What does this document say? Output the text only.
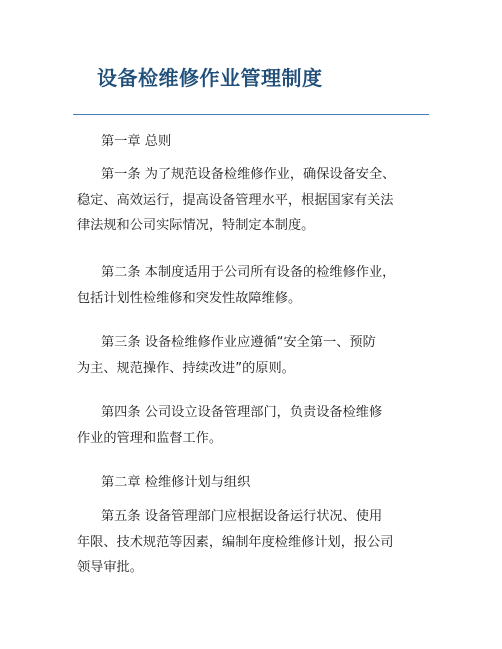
设备检维修作业管理制度

第一章 总则

第一条 为了规范设备检维修作业，确保设备安全、
稳定、高效运行，提高设备管理水平，根据国家有关法
律法规和公司实际情况，特制定本制度。

第二条 本制度适用于公司所有设备的检维修作业，
包括计划性检维修和突发性故障维修。

第三条 设备检维修作业应遵循“安全第一、预防
为主、规范操作、持续改进”的原则。

第四条 公司设立设备管理部门，负责设备检维修
作业的管理和监督工作。

第二章 检维修计划与组织

第五条 设备管理部门应根据设备运行状况、使用
年限、技术规范等因素，编制年度检维修计划，报公司
领导审批。
